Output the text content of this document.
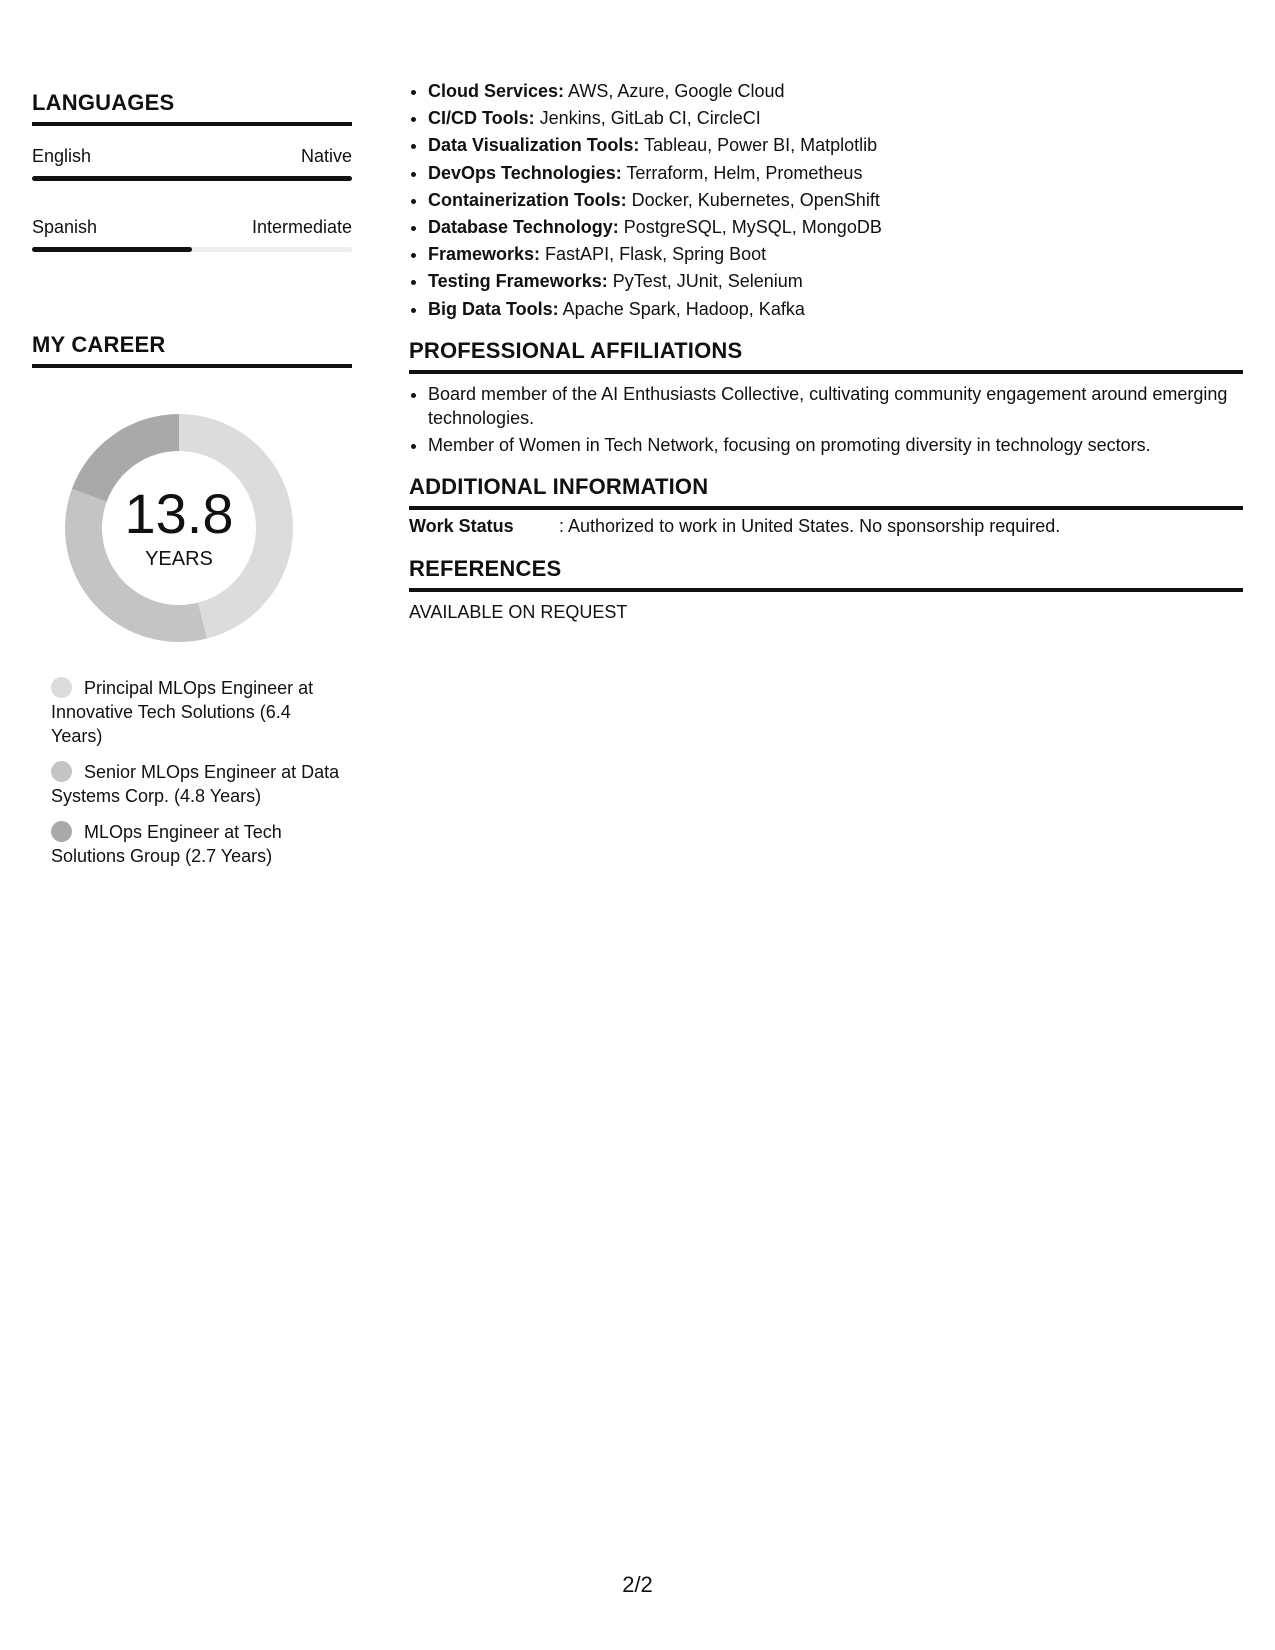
LANGUAGES
English	Native
Spanish	Intermediate
MY CAREER
13.8
YEARS
Principal MLOps Engineer at Innovative Tech Solutions (6.4 Years)
Senior MLOps Engineer at Data Systems Corp. (4.8 Years)
MLOps Engineer at Tech Solutions Group (2.7 Years)
• Cloud Services: AWS, Azure, Google Cloud
• CI/CD Tools: Jenkins, GitLab CI, CircleCI
• Data Visualization Tools: Tableau, Power BI, Matplotlib
• DevOps Technologies: Terraform, Helm, Prometheus
• Containerization Tools: Docker, Kubernetes, OpenShift
• Database Technology: PostgreSQL, MySQL, MongoDB
• Frameworks: FastAPI, Flask, Spring Boot
• Testing Frameworks: PyTest, JUnit, Selenium
• Big Data Tools: Apache Spark, Hadoop, Kafka
PROFESSIONAL AFFILIATIONS
• Board member of the AI Enthusiasts Collective, cultivating community engagement around emerging technologies.
• Member of Women in Tech Network, focusing on promoting diversity in technology sectors.
ADDITIONAL INFORMATION
Work Status	: Authorized to work in United States. No sponsorship required.
REFERENCES
AVAILABLE ON REQUEST
2/2
